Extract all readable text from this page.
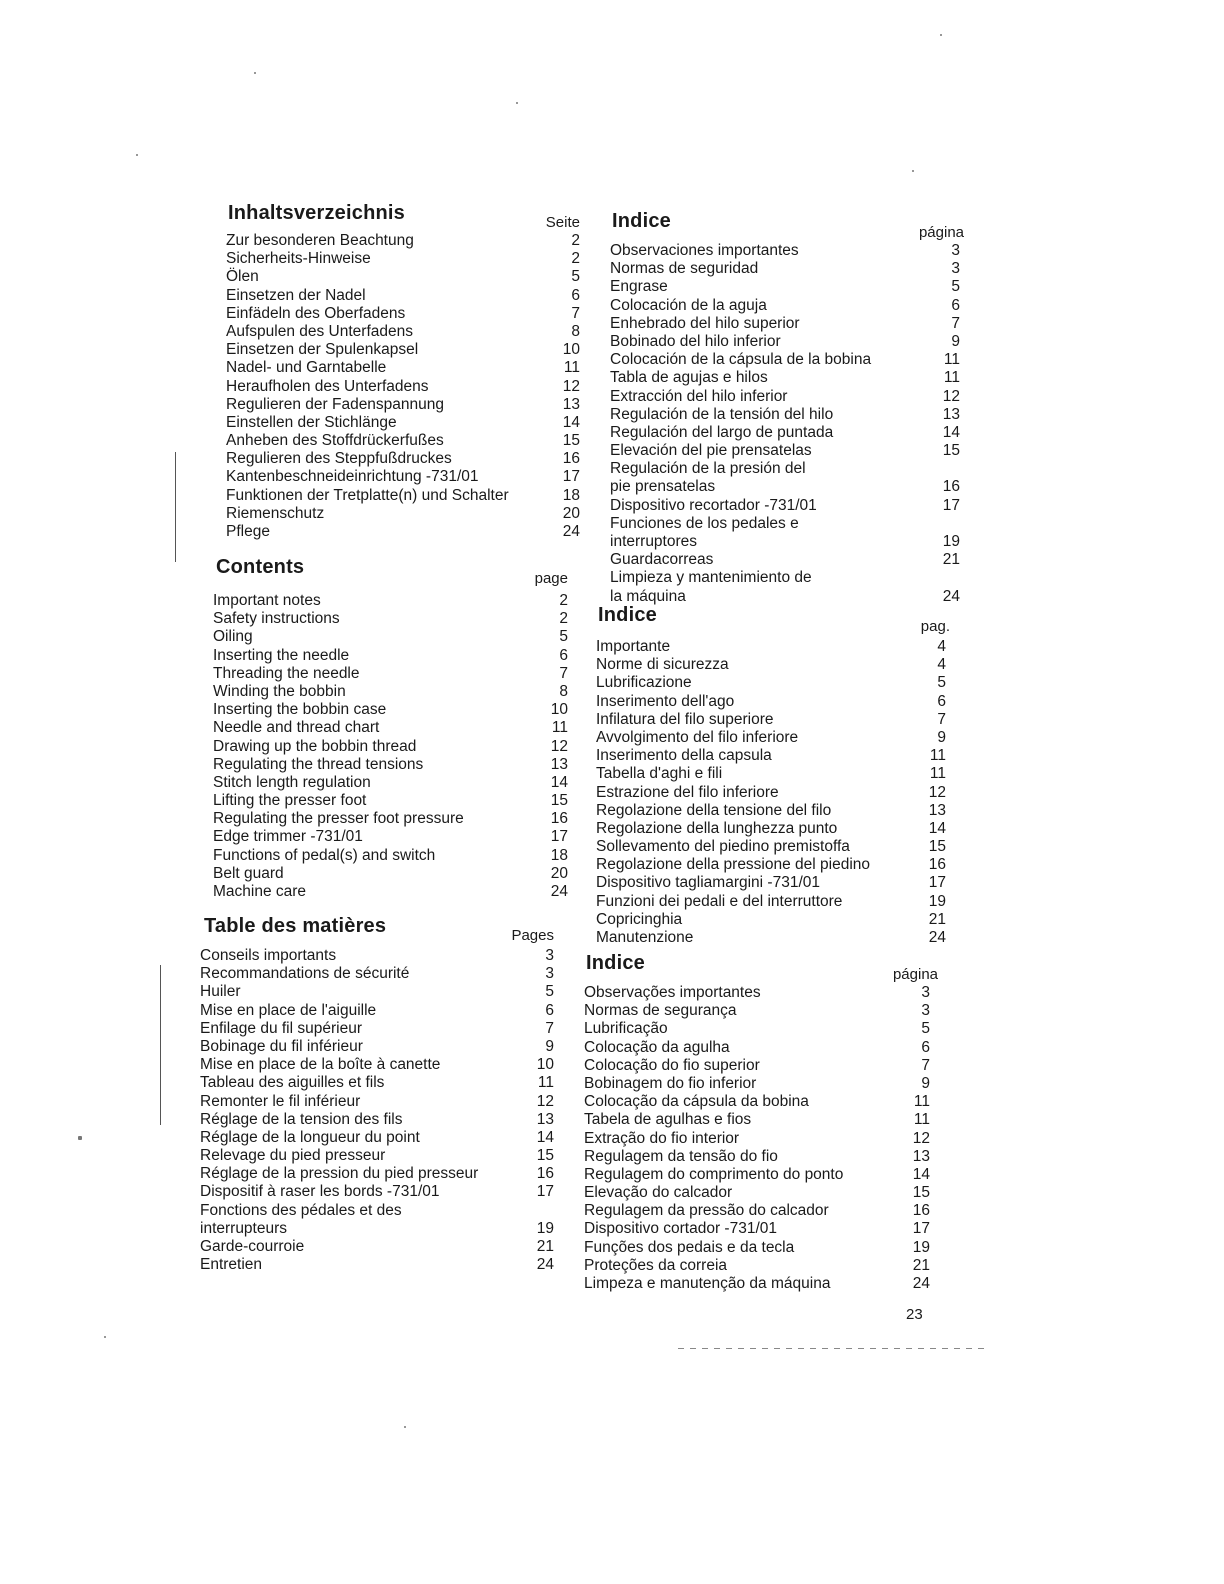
Inhaltsverzeichnis	Seite
Zur besonderen Beachtung	2
Sicherheits-Hinweise	2
Ölen	5
Einsetzen der Nadel	6
Einfädeln des Oberfadens	7
Aufspulen des Unterfadens	8
Einsetzen der Spulenkapsel	10
Nadel- und Garntabelle	11
Heraufholen des Unterfadens	12
Regulieren der Fadenspannung	13
Einstellen der Stichlänge	14
Anheben des Stoffdrückerfußes	15
Regulieren des Steppfußdruckes	16
Kantenbeschneideinrichtung -731/01	17
Funktionen der Tretplatte(n) und Schalter	18
Riemenschutz	20
Pflege	24
Contents
page
Important notes	2
Safety instructions	2
Oiling	5
Inserting the needle	6
Threading the needle	7
Winding the bobbin	8
Inserting the bobbin case	10
Needle and thread chart	11
Drawing up the bobbin thread	12
Regulating the thread tensions	13
Stitch length regulation	14
Lifting the presser foot	15
Regulating the presser foot pressure	16
Edge trimmer -731/01	17
Functions of pedal(s) and switch	18
Belt guard	20
Machine care	24
Table des matières	Pages
Conseils importants	3
Recommandations de sécurité	3
Huiler	5
Mise en place de l'aiguille	6
Enfilage du fil supérieur	7
Bobinage du fil inférieur	9
Mise en place de la boîte à canette	10
Tableau des aiguilles et fils	11
Remonter le fil inférieur	12
Réglage de la tension des fils	13
Réglage de la longueur du point	14
Relevage du pied presseur	15
Réglage de la pression du pied presseur	16
Dispositif à raser les bords -731/01	17
Fonctions des pédales et des
interrupteurs	19
Garde-courroie	21
Entretien	24
Indice
página
Observaciones importantes	3
Normas de seguridad	3
Engrase	5
Colocación de la aguja	6
Enhebrado del hilo superior	7
Bobinado del hilo inferior	9
Colocación de la cápsula de la bobina	11
Tabla de agujas e hilos	11
Extracción del hilo inferior	12
Regulación de la tensión del hilo	13
Regulación del largo de puntada	14
Elevación del pie prensatelas	15
Regulación de la presión del
pie prensatelas	16
Dispositivo recortador -731/01	17
Funciones de los pedales e
interruptores	19
Guardacorreas	21
Limpieza y mantenimiento de
la máquina	24
Indice
pag.
Importante	4
Norme di sicurezza	4
Lubrificazione	5
Inserimento dell'ago	6
Infilatura del filo superiore	7
Avvolgimento del filo inferiore	9
Inserimento della capsula	11
Tabella d'aghi e fili	11
Estrazione del filo inferiore	12
Regolazione della tensione del filo	13
Regolazione della lunghezza punto	14
Sollevamento del piedino premistoffa	15
Regolazione della pressione del piedino	16
Dispositivo tagliamargini -731/01	17
Funzioni dei pedali e del interruttore	19
Copricinghia	21
Manutenzione	24
Indice
página
Observações importantes	3
Normas de segurança	3
Lubrificação	5
Colocação da agulha	6
Colocação do fio superior	7
Bobinagem do fio inferior	9
Colocação da cápsula da bobina	11
Tabela de agulhas e fios	11
Extração do fio interior	12
Regulagem da tensão do fio	13
Regulagem do comprimento do ponto	14
Elevação do calcador	15
Regulagem da pressão do calcador	16
Dispositivo cortador -731/01	17
Funções dos pedais e da tecla	19
Proteções da correia	21
Limpeza e manutenção da máquina	24
23
